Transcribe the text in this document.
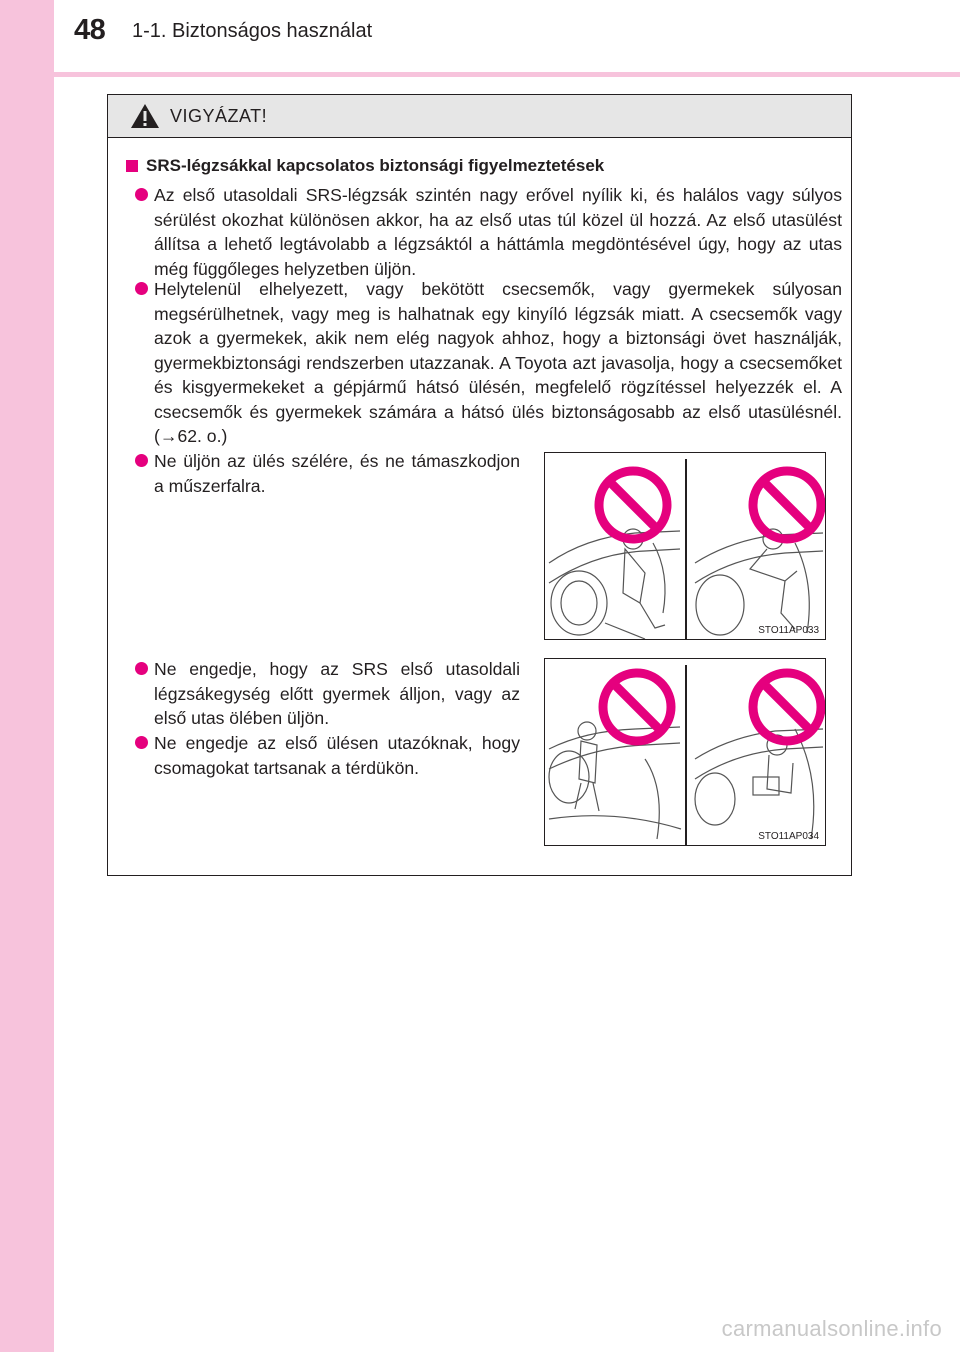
48 1-1. Biztonságos használat
VIGYÁZAT!
SRS-légzsákkal kapcsolatos biztonsági figyelmeztetések
Az első utasoldali SRS-légzsák szintén nagy erővel nyílik ki, és halálos vagy súlyos sérülést okozhat különösen akkor, ha az első utas túl közel ül hozzá. Az első utasülést állítsa a lehető legtávolabb a légzsáktól a háttámla megdöntésével úgy, hogy az utas még függőleges helyzetben üljön.
Helytelenül elhelyezett, vagy bekötött csecsemők, vagy gyermekek súlyosan megsérülhetnek, vagy meg is halhatnak egy kinyíló légzsák miatt. A csecsemők vagy azok a gyermekek, akik nem elég nagyok ahhoz, hogy a biztonsági övet használják, gyermekbiztonsági rendszerben utazzanak. A Toyota azt javasolja, hogy a csecsemőket és kisgyermekeket a gépjármű hátsó ülésén, megfelelő rögzítéssel helyezzék el. A csecsemők és gyermekek számára a hátsó ülés biztonságosabb az első utasülésnél. (→62. o.)
Ne üljön az ülés szélére, és ne támaszkodjon a műszerfalra.
Ne engedje, hogy az SRS első utasoldali légzsákegység előtt gyermek álljon, vagy az első utas ölében üljön.
Ne engedje az első ülésen utazóknak, hogy csomagokat tartsanak a térdükön.
STO11AP033
STO11AP034
carmanualsonline.info
